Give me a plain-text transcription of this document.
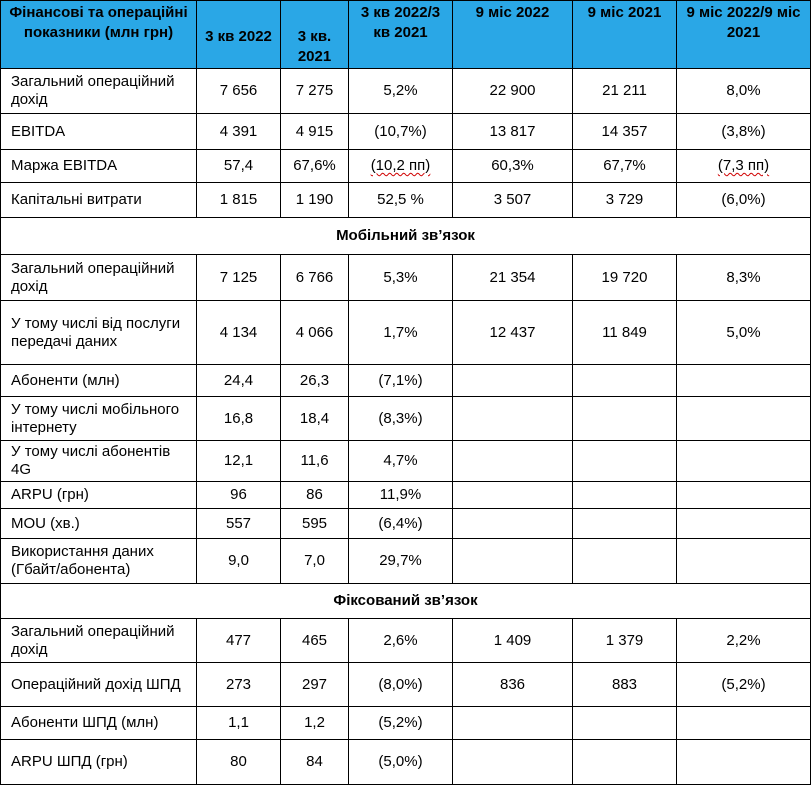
Фінансові та операційні показники (млн грн)	3 кв 2022	3 кв. 2021	3 кв 2022/3 кв 2021	9 міс 2022	9 міс 2021	9 міс 2022/9 міс 2021
Загальний операційний дохід	7 656	7 275	5,2%	22 900	21 211	8,0%
EBITDA	4 391	4 915	(10,7%)	13 817	14 357	(3,8%)
Маржа EBITDA	57,4	67,6%	(10,2 пп)	60,3%	67,7%	(7,3 пп)
Капітальні витрати	1 815	1 190	52,5 %	3 507	3 729	(6,0%)
Мобільний зв’язок						
Загальний операційний дохід	7 125	6 766	5,3%	21 354	19 720	8,3%
У тому числі від послуги передачі даних	4 134	4 066	1,7%	12 437	11 849	5,0%
Абоненти (млн)	24,4	26,3	(7,1%)			
У тому числі мобільного інтернету	16,8	18,4	(8,3%)			
У тому числі абонентів 4G	12,1	11,6	4,7%			
ARPU (грн)	96	86	11,9%			
MOU (хв.)	557	595	(6,4%)			
Використання даних (Гбайт/абонента)	9,0	7,0	29,7%			
Фіксований зв’язок						
Загальний операційний дохід	477	465	2,6%	1 409	1 379	2,2%
Операційний дохід ШПД	273	297	(8,0%)	836	883	(5,2%)
Абоненти ШПД (млн)	1,1	1,2	(5,2%)			
ARPU ШПД (грн)	80	84	(5,0%)			
